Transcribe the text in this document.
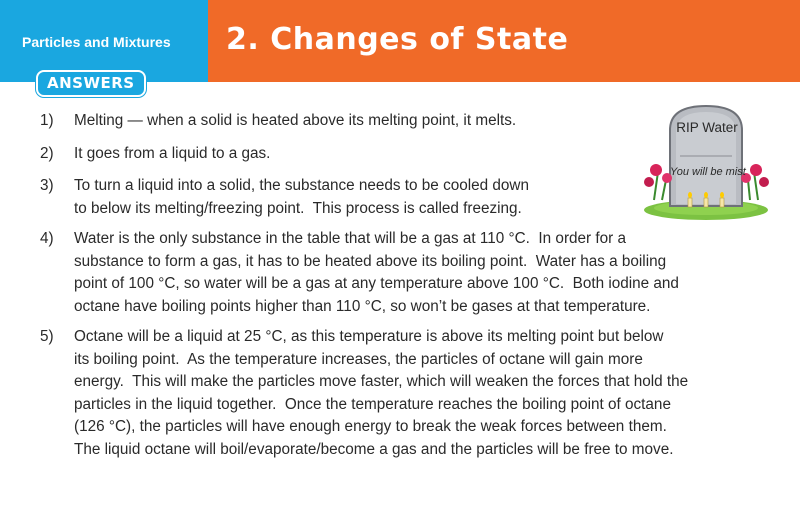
Particles and Mixtures 2. Changes of State
ANSWERS
1) Melting — when a solid is heated above its melting point, it melts.
2) It goes from a liquid to a gas.
3) To turn a liquid into a solid, the substance needs to be cooled down
to below its melting/freezing point.  This process is called freezing.
4) Water is the only substance in the table that will be a gas at 110 °C.  In order for a
substance to form a gas, it has to be heated above its boiling point.  Water has a boiling
point of 100 °C, so water will be a gas at any temperature above 100 °C.  Both iodine and
octane have boiling points higher than 110 °C, so won’t be gases at that temperature.
5) Octane will be a liquid at 25 °C, as this temperature is above its melting point but below
its boiling point.  As the temperature increases, the particles of octane will gain more
energy.  This will make the particles move faster, which will weaken the forces that hold the
particles in the liquid together.  Once the temperature reaches the boiling point of octane
(126 °C), the particles will have enough energy to break the weak forces between them.
The liquid octane will boil/evaporate/become a gas and the particles will be free to move.
RIP Water
You will be mist
